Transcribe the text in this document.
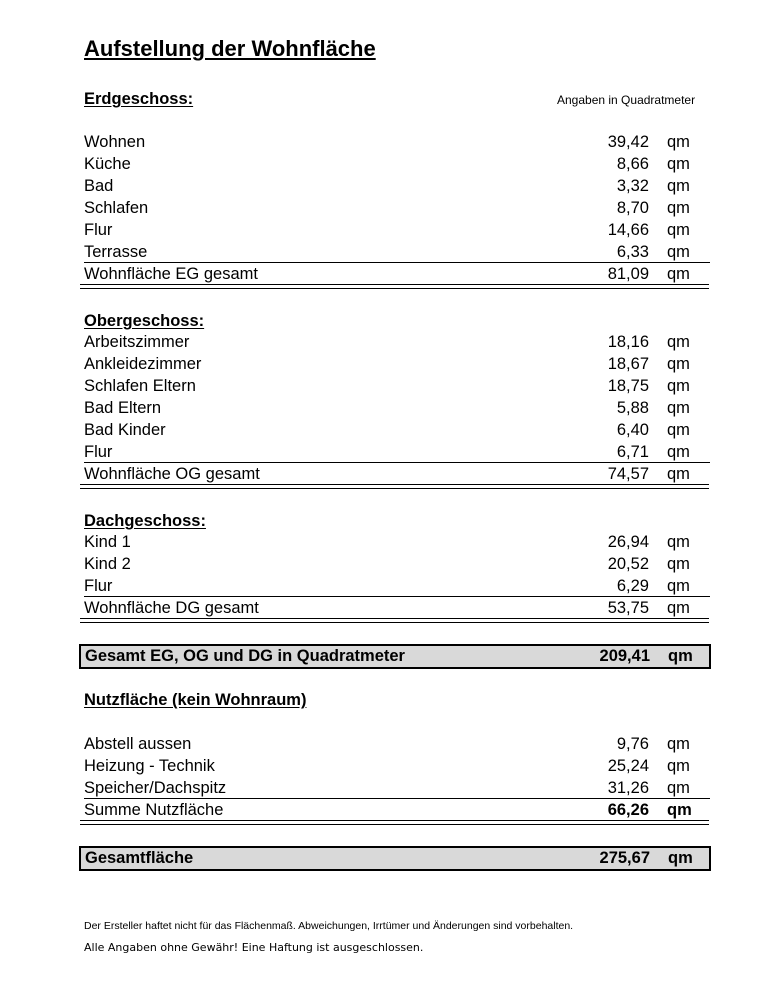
Aufstellung der Wohnfläche
Erdgeschoss:	Angaben in Quadratmeter
Wohnen	39,42 qm
Küche	8,66 qm
Bad	3,32 qm
Schlafen	8,70 qm
Flur	14,66 qm
Terrasse	6,33 qm
Wohnfläche EG gesamt	81,09 qm
Obergeschoss:
Arbeitszimmer	18,16 qm
Ankleidezimmer	18,67 qm
Schlafen Eltern	18,75 qm
Bad Eltern	5,88 qm
Bad Kinder	6,40 qm
Flur	6,71 qm
Wohnfläche OG gesamt	74,57 qm
Dachgeschoss:
Kind 1	26,94 qm
Kind 2	20,52 qm
Flur	6,29 qm
Wohnfläche DG gesamt	53,75 qm
Gesamt EG, OG und DG in Quadratmeter	209,41 qm
Nutzfläche (kein Wohnraum)
Abstell aussen	9,76 qm
Heizung - Technik	25,24 qm
Speicher/Dachspitz	31,26 qm
Summe Nutzfläche	66,26 qm
Gesamtfläche	275,67 qm
Der Ersteller haftet nicht für das Flächenmaß. Abweichungen, Irrtümer und Änderungen sind vorbehalten.
Alle Angaben ohne Gewähr! Eine Haftung ist ausgeschlossen.
